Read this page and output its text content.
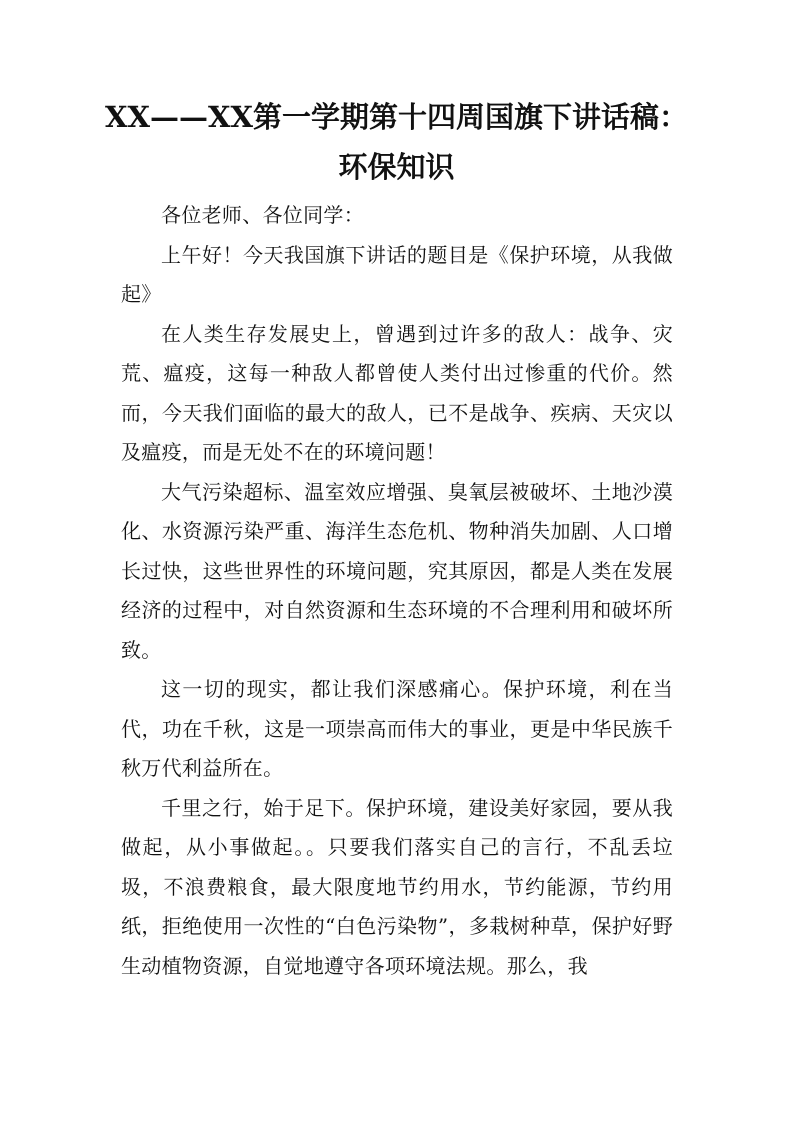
XX——XX第一学期第十四周国旗下讲话稿：环保知识

各位老师、各位同学：

上午好！今天我国旗下讲话的题目是《保护环境，从我做起》

在人类生存发展史上，曾遇到过许多的敌人：战争、灾荒、瘟疫，这每一种敌人都曾使人类付出过惨重的代价。然而，今天我们面临的最大的敌人，已不是战争、疾病、天灾以及瘟疫，而是无处不在的环境问题！

大气污染超标、温室效应增强、臭氧层被破坏、土地沙漠化、水资源污染严重、海洋生态危机、物种消失加剧、人口增长过快，这些世界性的环境问题，究其原因，都是人类在发展经济的过程中，对自然资源和生态环境的不合理利用和破坏所致。

这一切的现实，都让我们深感痛心。保护环境，利在当代，功在千秋，这是一项崇高而伟大的事业，更是中华民族千秋万代利益所在。

千里之行，始于足下。保护环境，建设美好家园，要从我做起，从小事做起。。只要我们落实自己的言行，不乱丢垃圾，不浪费粮食，最大限度地节约用水，节约能源，节约用纸，拒绝使用一次性的“白色污染物”，多栽树种草，保护好野生动植物资源，自觉地遵守各项环境法规。那么，我
